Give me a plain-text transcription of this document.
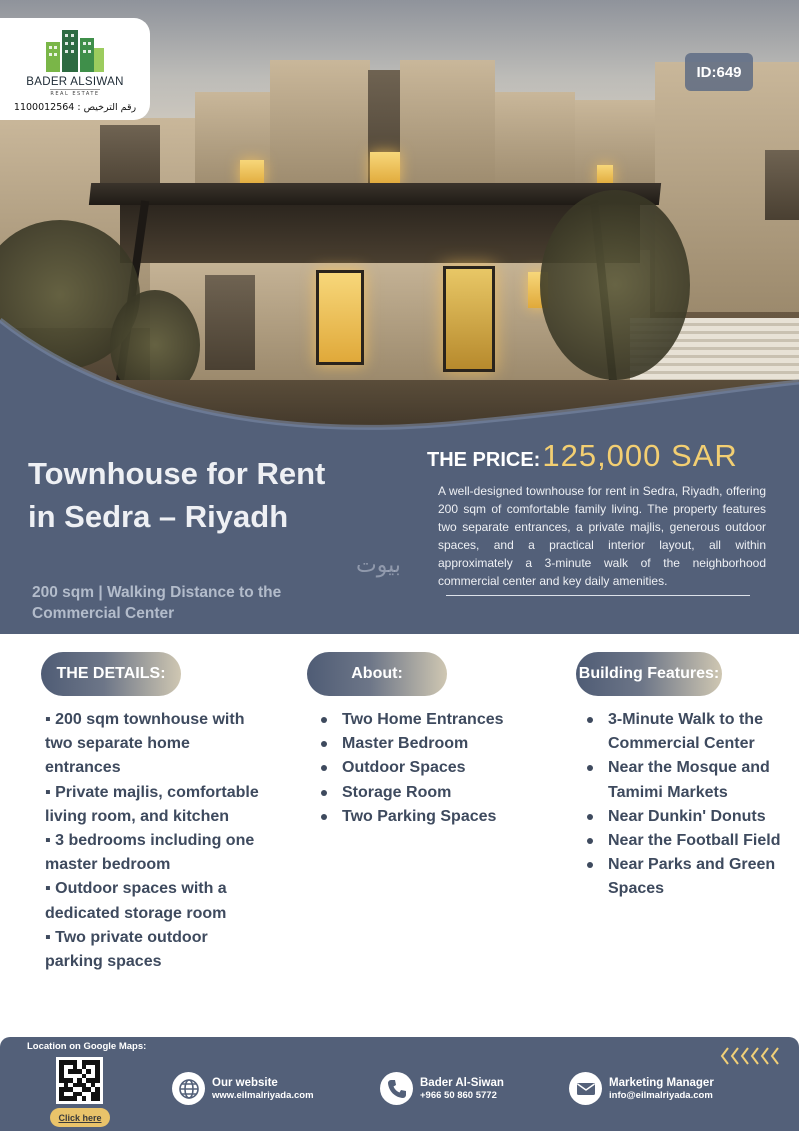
BADER ALSIWAN
REAL ESTATE
رقم الترخيص : 1100012564
ID:649
Townhouse for Rent in Sedra – Riyadh
200 sqm | Walking Distance to the Commercial Center
THE PRICE: 125,000 SAR
A well-designed townhouse for rent in Sedra, Riyadh, offering 200 sqm of comfortable family living. The property features two separate entrances, a private majlis, generous outdoor spaces, and a practical interior layout, all within approximately a 3-minute walk of the neighborhood commercial center and key daily amenities.
بيوت
THE DETAILS:	About:	Building Features:
▪ 200 sqm townhouse with two separate home entrances
▪ Private majlis, comfortable living room, and kitchen
▪ 3 bedrooms including one master bedroom
▪ Outdoor spaces with a dedicated storage room
▪ Two private outdoor parking spaces
Two Home Entrances
Master Bedroom
Outdoor Spaces
Storage Room
Two Parking Spaces
3-Minute Walk to the Commercial Center
Near the Mosque and Tamimi Markets
Near Dunkin' Donuts
Near the Football Field
Near Parks and Green Spaces
Location on Google Maps:
Click here
Our website
www.eilmalriyada.com
Bader Al-Siwan
+966 50 860 5772
Marketing Manager
info@eilmalriyada.com
